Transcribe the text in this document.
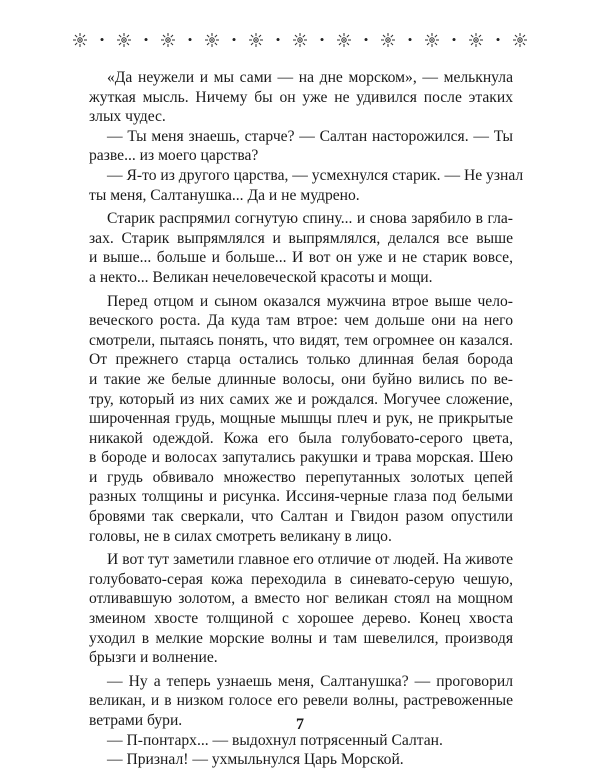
•	•	•	•	•	•	•	•	•	•

«Да неужели и мы сами — на дне морском», — мелькнула
жуткая мысль. Ничему бы он уже не удивился после этаких
злых чудес.

— Ты меня знаешь, старче? — Салтан насторожился. — Ты
разве... из моего царства?

— Я-то из другого царства, — усмехнулся старик. — Не узнал
ты меня, Салтанушка... Да и не мудрено.

Старик распрямил согнутую спину... и снова зарябило в гла-
зах. Старик выпрямлялся и выпрямлялся, делался все выше
и выше... больше и больше... И вот он уже и не старик вовсе,
а некто... Великан нечеловеческой красоты и мощи.

Перед отцом и сыном оказался мужчина втрое выше чело-
веческого роста. Да куда там втрое: чем дольше они на него
смотрели, пытаясь понять, что видят, тем огромнее он казался.
От прежнего старца остались только длинная белая борода
и такие же белые длинные волосы, они буйно вились по ве-
тру, который из них самих же и рождался. Могучее сложение,
широченная грудь, мощные мышцы плеч и рук, не прикрытые
никакой одеждой. Кожа его была голубовато-серого цвета,
в бороде и волосах запутались ракушки и трава морская. Шею
и грудь обвивало множество перепутанных золотых цепей
разных толщины и рисунка. Иссиня-черные глаза под белыми
бровями так сверкали, что Салтан и Гвидон разом опустили
головы, не в силах смотреть великану в лицо.

И вот тут заметили главное его отличие от людей. На животе
голубовато-серая кожа переходила в синевато-серую чешую,
отливавшую золотом, а вместо ног великан стоял на мощном
змеином хвосте толщиной с хорошее дерево. Конец хвоста
уходил в мелкие морские волны и там шевелился, производя
брызги и волнение.

— Ну а теперь узнаешь меня, Салтанушка? — проговорил
великан, и в низком голосе его ревели волны, растревоженные
ветрами бури.

— П-понтарх... — выдохнул потрясенный Салтан.

— Признал! — ухмыльнулся Царь Морской.

7
